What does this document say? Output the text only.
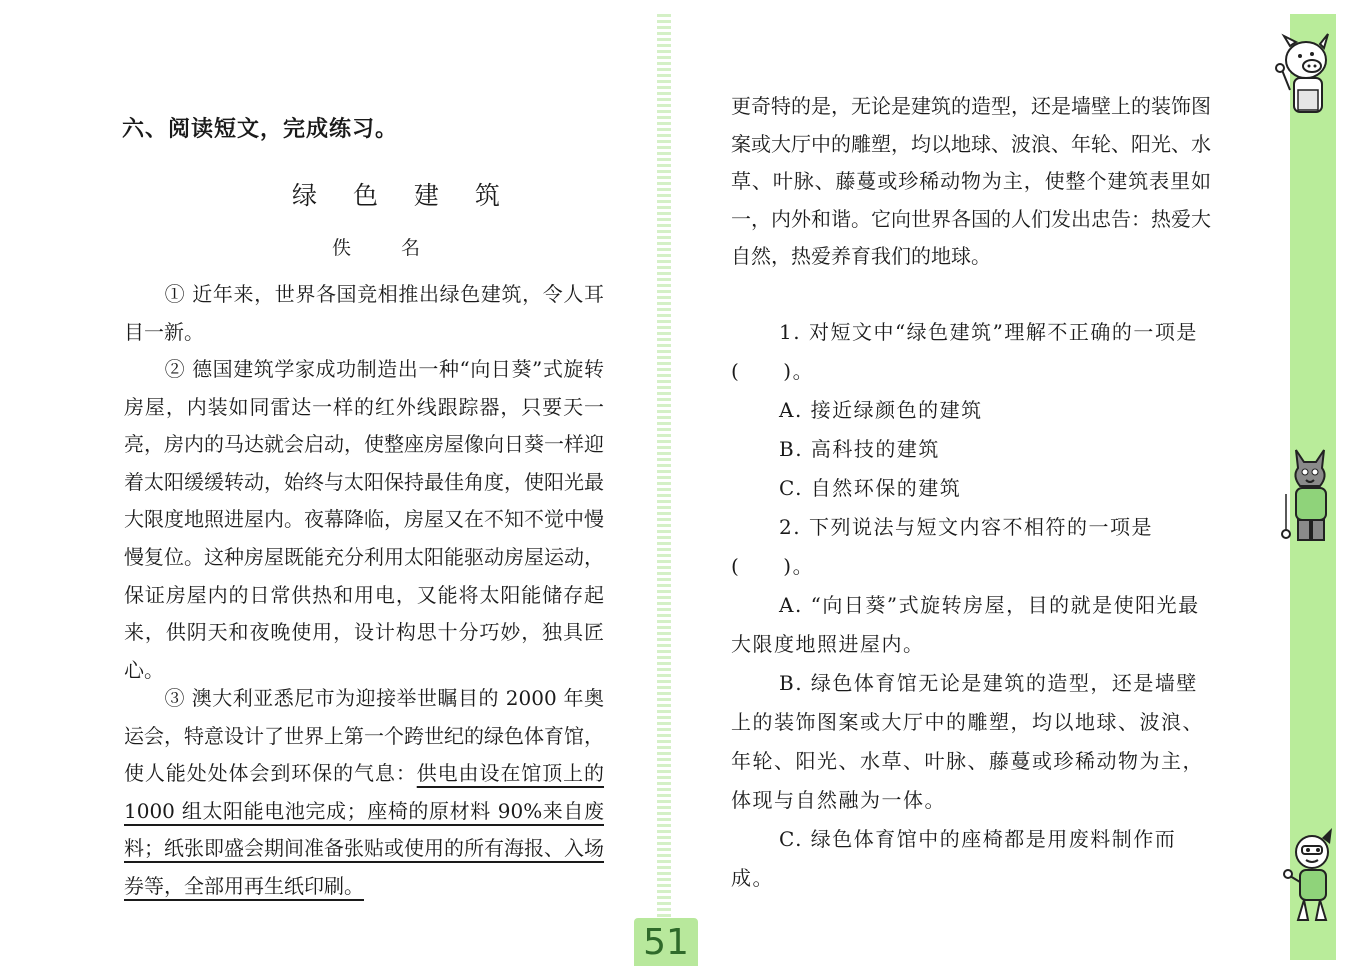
51
六、阅读短文，完成练习。
绿 色 建 筑
佚 名
① 近年来，世界各国竞相推出绿色建筑，令人耳目一新。
② 德国建筑学家成功制造出一种“向日葵”式旋转房屋，内装如同雷达一样的红外线跟踪器，只要天一亮，房内的马达就会启动，使整座房屋像向日葵一样迎着太阳缓缓转动，始终与太阳保持最佳角度，使阳光最大限度地照进屋内。夜幕降临，房屋又在不知不觉中慢慢复位。这种房屋既能充分利用太阳能驱动房屋运动，保证房屋内的日常供热和用电，又能将太阳能储存起来，供阴天和夜晚使用，设计构思十分巧妙，独具匠心。
③ 澳大利亚悉尼市为迎接举世瞩目的 2000 年奥运会，特意设计了世界上第一个跨世纪的绿色体育馆，使人能处处体会到环保的气息：供电由设在馆顶上的 1000 组太阳能电池完成；座椅的原材料 90%来自废料；纸张即盛会期间准备张贴或使用的所有海报、入场券等，全部用再生纸印刷。
更奇特的是，无论是建筑的造型，还是墙壁上的装饰图案或大厅中的雕塑，均以地球、波浪、年轮、阳光、水草、叶脉、藤蔓或珍稀动物为主，使整个建筑表里如一，内外和谐。它向世界各国的人们发出忠告：热爱大自然，热爱养育我们的地球。
1. 对短文中“绿色建筑”理解不正确的一项是(　　)。
A. 接近绿颜色的建筑
B. 高科技的建筑
C. 自然环保的建筑
2. 下列说法与短文内容不相符的一项是(　　)。
A. “向日葵”式旋转房屋，目的就是使阳光最大限度地照进屋内。
B. 绿色体育馆无论是建筑的造型，还是墙壁上的装饰图案或大厅中的雕塑，均以地球、波浪、年轮、阳光、水草、叶脉、藤蔓或珍稀动物为主，体现与自然融为一体。
C. 绿色体育馆中的座椅都是用废料制作而成。
